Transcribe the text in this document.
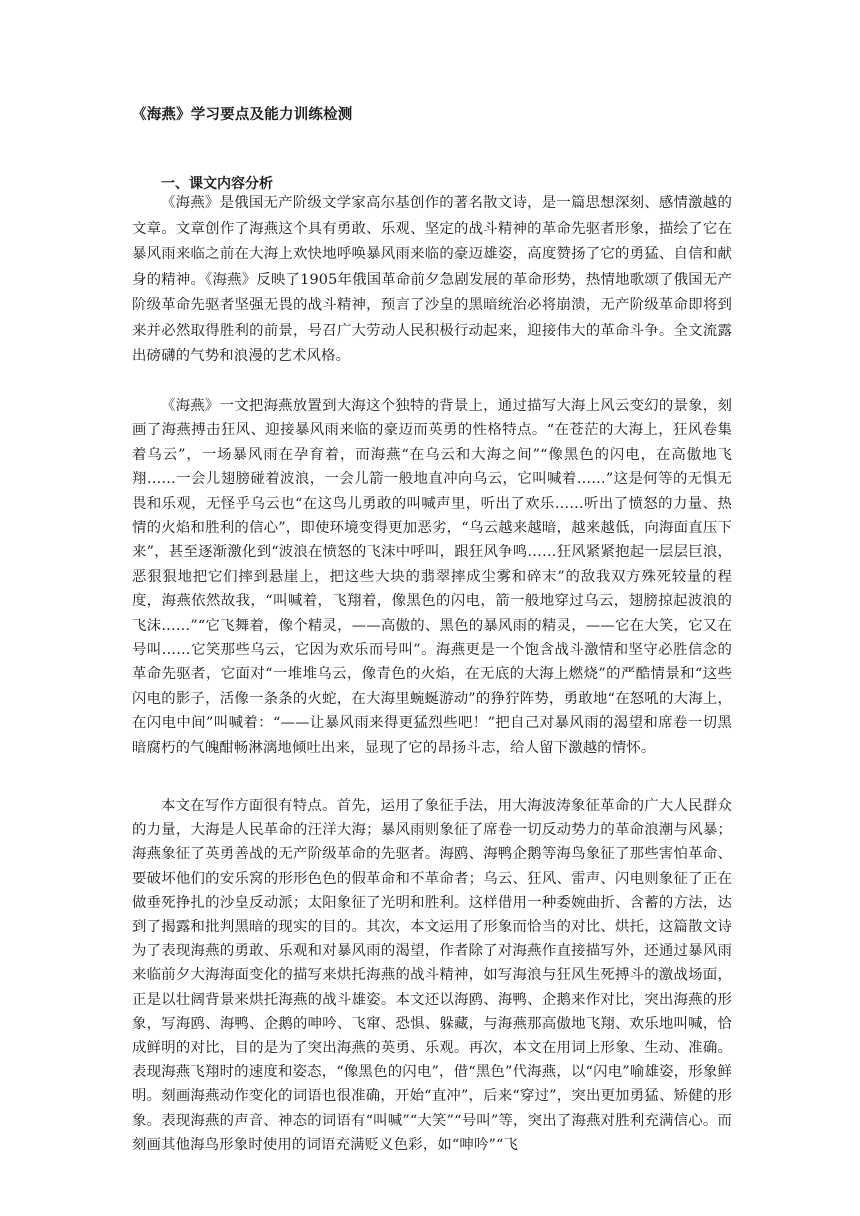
《海燕》学习要点及能力训练检测
一、课文内容分析

《海燕》是俄国无产阶级文学家高尔基创作的著名散文诗，是一篇思想深刻、感情激越的文章。文章创作了海燕这个具有勇敢、乐观、坚定的战斗精神的革命先驱者形象，描绘了它在暴风雨来临之前在大海上欢快地呼唤暴风雨来临的豪迈雄姿，高度赞扬了它的勇猛、自信和献身的精神。《海燕》反映了1905年俄国革命前夕急剧发展的革命形势，热情地歌颂了俄国无产阶级革命先驱者坚强无畏的战斗精神，预言了沙皇的黑暗统治必将崩溃，无产阶级革命即将到来并必然取得胜利的前景，号召广大劳动人民积极行动起来，迎接伟大的革命斗争。全文流露出磅礴的气势和浪漫的艺术风格。

《海燕》一文把海燕放置到大海这个独特的背景上，通过描写大海上风云变幻的景象，刻画了海燕搏击狂风、迎接暴风雨来临的豪迈而英勇的性格特点。“在苍茫的大海上，狂风卷集着乌云”，一场暴风雨在孕育着，而海燕“在乌云和大海之间”“像黑色的闪电，在高傲地飞翔……一会儿翅膀碰着波浪，一会儿箭一般地直冲向乌云，它叫喊着……”这是何等的无惧无畏和乐观，无怪乎乌云也“在这鸟儿勇敢的叫喊声里，听出了欢乐……听出了愤怒的力量、热情的火焰和胜利的信心”，即使环境变得更加恶劣，“乌云越来越暗，越来越低，向海面直压下来”，甚至逐渐激化到“波浪在愤怒的飞沫中呼叫，跟狂风争鸣……狂风紧紧抱起一层层巨浪，恶狠狠地把它们摔到悬崖上，把这些大块的翡翠摔成尘雾和碎末”的敌我双方殊死较量的程度，海燕依然故我，“叫喊着，飞翔着，像黑色的闪电，箭一般地穿过乌云，翅膀掠起波浪的飞沫……”“它飞舞着，像个精灵，——高傲的、黑色的暴风雨的精灵，——它在大笑，它又在号叫……它笑那些乌云，它因为欢乐而号叫”。海燕更是一个饱含战斗激情和坚守必胜信念的革命先驱者，它面对“一堆堆乌云，像青色的火焰，在无底的大海上燃烧”的严酷情景和“这些闪电的影子，活像一条条的火蛇，在大海里蜿蜒游动”的狰狞阵势，勇敢地“在怒吼的大海上，在闪电中间”叫喊着：“——让暴风雨来得更猛烈些吧！”把自己对暴风雨的渴望和席卷一切黑暗腐朽的气魄酣畅淋漓地倾吐出来，显现了它的昂扬斗志，给人留下激越的情怀。

本文在写作方面很有特点。首先，运用了象征手法，用大海波涛象征革命的广大人民群众的力量，大海是人民革命的汪洋大海；暴风雨则象征了席卷一切反动势力的革命浪潮与风暴；海燕象征了英勇善战的无产阶级革命的先驱者。海鸥、海鸭企鹅等海鸟象征了那些害怕革命、要破坏他们的安乐窝的形形色色的假革命和不革命者；乌云、狂风、雷声、闪电则象征了正在做垂死挣扎的沙皇反动派；太阳象征了光明和胜利。这样借用一种委婉曲折、含蓄的方法，达到了揭露和批判黑暗的现实的目的。其次，本文运用了形象而恰当的对比、烘托，这篇散文诗为了表现海燕的勇敢、乐观和对暴风雨的渴望，作者除了对海燕作直接描写外，还通过暴风雨来临前夕大海海面变化的描写来烘托海燕的战斗精神，如写海浪与狂风生死搏斗的激战场面，正是以壮阔背景来烘托海燕的战斗雄姿。本文还以海鸥、海鸭、企鹅来作对比，突出海燕的形象，写海鸥、海鸭、企鹅的呻吟、飞窜、恐惧、躲藏，与海燕那高傲地飞翔、欢乐地叫喊，恰成鲜明的对比，目的是为了突出海燕的英勇、乐观。再次，本文在用词上形象、生动、准确。表现海燕飞翔时的速度和姿态，“像黑色的闪电”，借“黑色”代海燕，以“闪电”喻雄姿，形象鲜明。刻画海燕动作变化的词语也很准确，开始“直冲”，后来“穿过”，突出更加勇猛、矫健的形象。表现海燕的声音、神态的词语有“叫喊”“大笑”“号叫”等，突出了海燕对胜利充满信心。而刻画其他海鸟形象时使用的词语充满贬义色彩，如“呻吟”“飞
